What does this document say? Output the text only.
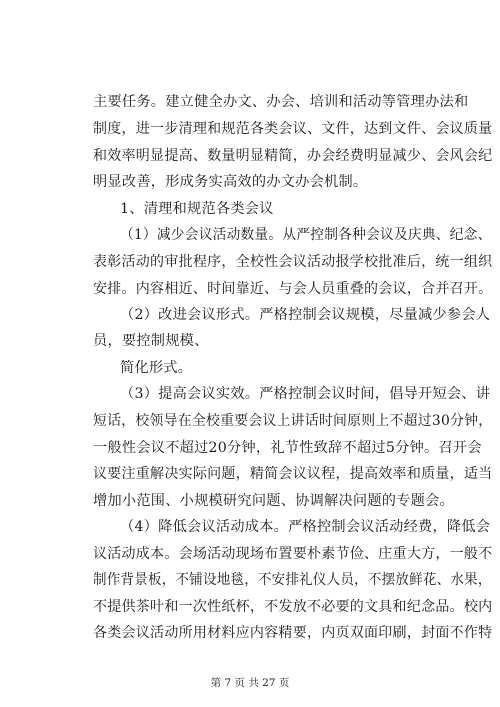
主要任务。建立健全办文、办会、培训和活动等管理办法和
制度，进一步清理和规范各类会议、文件，达到文件、会议质量
和效率明显提高、数量明显精简，办会经费明显减少、会风会纪
明显改善，形成务实高效的办文办会机制。
1、清理和规范各类会议
（1）减少会议活动数量。从严控制各种会议及庆典、纪念、
表彰活动的审批程序，全校性会议活动报学校批准后，统一组织
安排。内容相近、时间靠近、与会人员重叠的会议，合并召开。
（2）改进会议形式。严格控制会议规模，尽量减少参会人
员，要控制规模、
简化形式。
（3）提高会议实效。严格控制会议时间，倡导开短会、讲
短话，校领导在全校重要会议上讲话时间原则上不超过30分钟，
一般性会议不超过20分钟，礼节性致辞不超过5分钟。召开会
议要注重解决实际问题，精简会议议程，提高效率和质量，适当
增加小范围、小规模研究问题、协调解决问题的专题会。
（4）降低会议活动成本。严格控制会议活动经费，降低会
议活动成本。会场活动现场布置要朴素节俭、庄重大方，一般不
制作背景板，不铺设地毯，不安排礼仪人员，不摆放鲜花、水果，
不提供茶叶和一次性纸杯，不发放不必要的文具和纪念品。校内
各类会议活动所用材料应内容精要，内页双面印刷，封面不作特
第 7 页 共 27 页
